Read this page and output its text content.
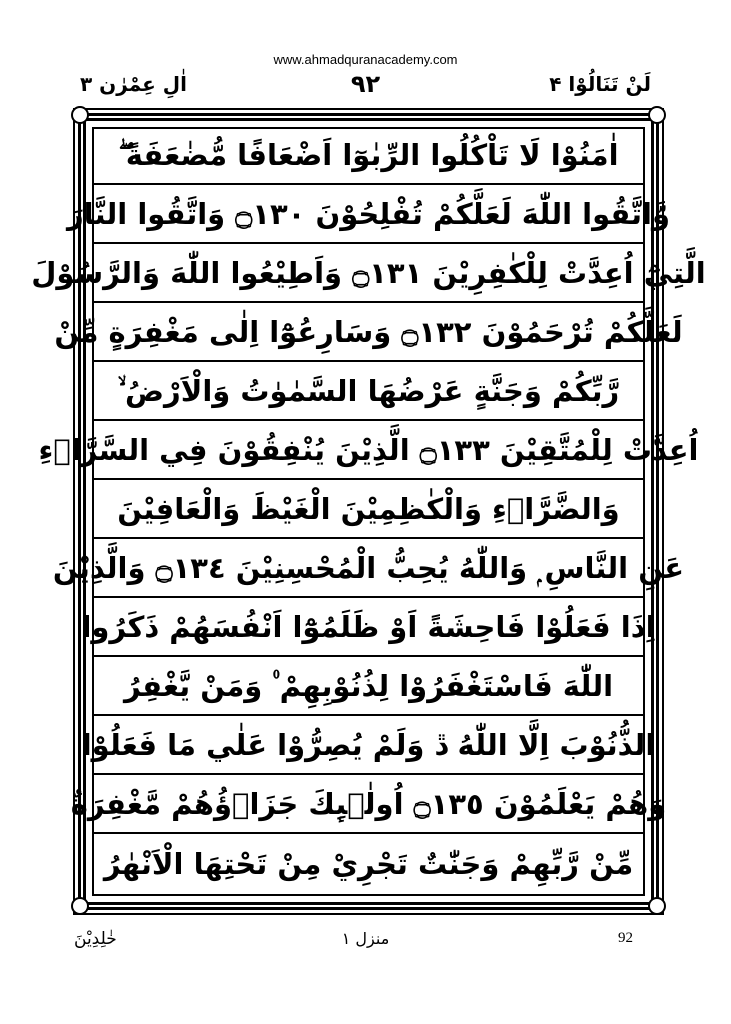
www.ahmadquranacademy.com
اٰلِ عِمْرٰن ۳	٩٢	لَنْ تَنَالُوْا ۴
اٰمَنُوْا لَا تَاْكُلُوا الرِّبٰوٓا اَضْعَافًا مُّضٰعَفَةً ۖ
وَّاتَّقُوا اللّٰهَ لَعَلَّكُمْ تُفْلِحُوْنَ ۝١٣٠ وَاتَّقُوا النَّارَ
الَّتِيْٓ اُعِدَّتْ لِلْكٰفِرِيْنَ ۝١٣١ وَاَطِيْعُوا اللّٰهَ وَالرَّسُوْلَ
لَعَلَّكُمْ تُرْحَمُوْنَ ۝١٣٢ وَسَارِعُوْٓا اِلٰى مَغْفِرَةٍ مِّنْ
رَّبِّكُمْ وَجَنَّةٍ عَرْضُهَا السَّمٰوٰتُ وَالْاَرْضُ ۙ
اُعِدَّتْ لِلْمُتَّقِيْنَ ۝١٣٣ الَّذِيْنَ يُنْفِقُوْنَ فِي السَّرَّاۗءِ
وَالضَّرَّاۗءِ وَالْكٰظِمِيْنَ الْغَيْظَ وَالْعَافِيْنَ
عَنِ النَّاسِ ۭ وَاللّٰهُ يُحِبُّ الْمُحْسِنِيْنَ ۝١٣٤ وَالَّذِيْنَ
اِذَا فَعَلُوْا فَاحِشَةً اَوْ ظَلَمُوْٓا اَنْفُسَھُمْ ذَكَرُوا
اللّٰهَ فَاسْتَغْفَرُوْا لِذُنُوْبِهِمْ ۠ وَمَنْ يَّغْفِرُ
الذُّنُوْبَ اِلَّا اللّٰهُ ڐ وَلَمْ يُصِرُّوْا عَلٰي مَا فَعَلُوْا
وَھُمْ يَعْلَمُوْنَ ۝١٣٥ اُولٰۗىِٕكَ جَزَاۗؤُھُمْ مَّغْفِرَةٌ
مِّنْ رَّبِّھِمْ وَجَنّٰتٌ تَجْرِيْ مِنْ تَحْتِهَا الْاَنْهٰرُ
خٰلِدِيْنَ	منزل ١	92
